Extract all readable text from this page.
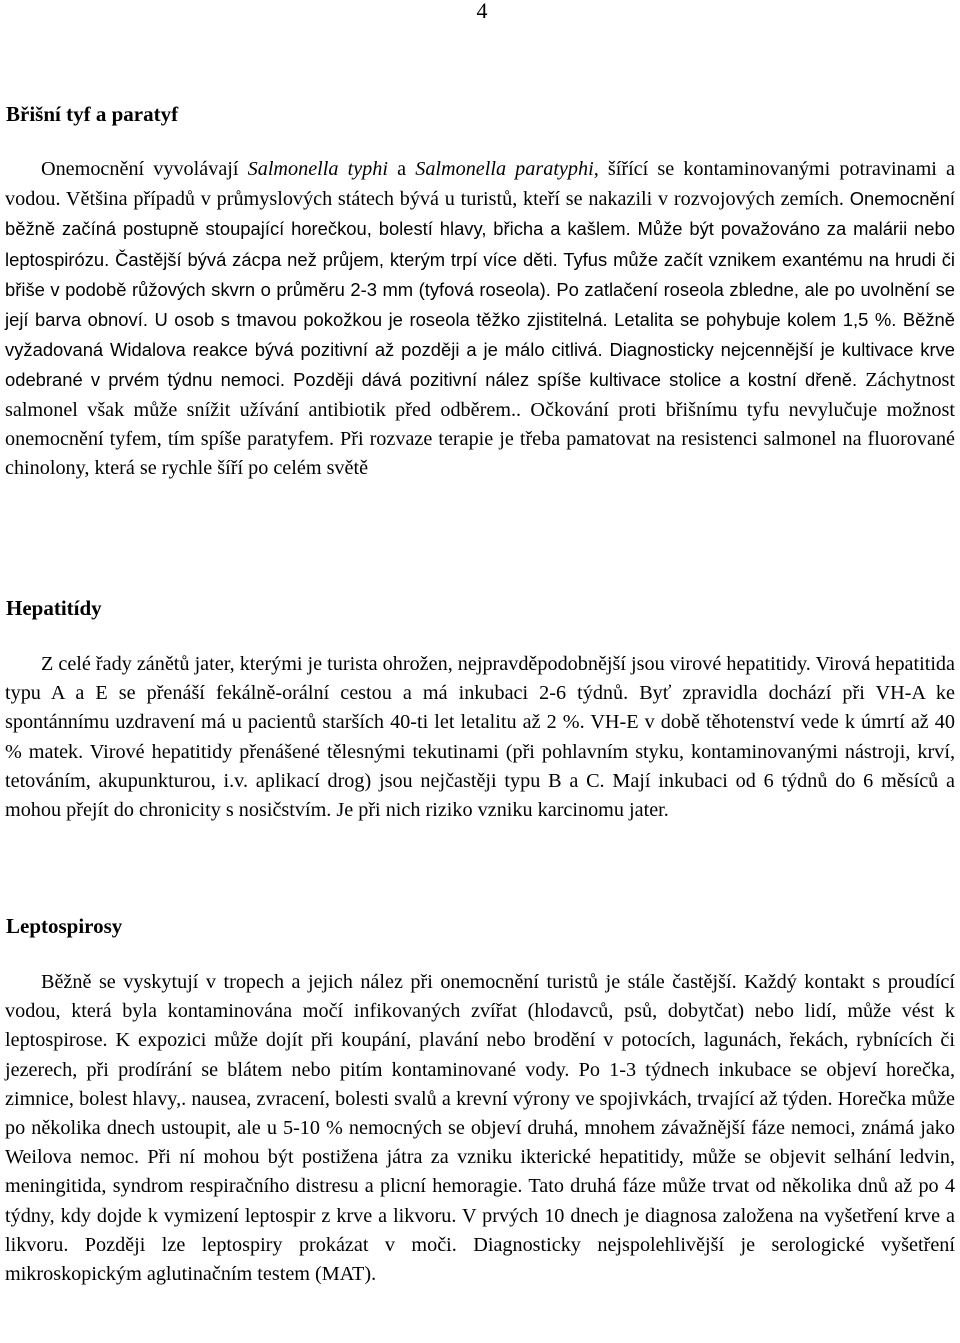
4
Břišní tyf a paratyf

Onemocnění vyvolávají Salmonella typhi a Salmonella paratyphi, šířící se kontaminovanými potravinami a vodou. Většina případů v průmyslových státech bývá u turistů, kteří se nakazili v rozvojových zemích. Onemocnění běžně začíná postupně stoupající horečkou, bolestí hlavy, břicha a kašlem. Může být považováno za malárii nebo leptospirózu. Častější bývá zácpa než průjem, kterým trpí více děti. Tyfus může začít vznikem exantému na hrudi či břiše v podobě růžových skvrn o průměru 2-3 mm (tyfová roseola). Po zatlačení roseola zbledne, ale po uvolnění se její barva obnoví. U osob s tmavou pokožkou je roseola těžko zjistitelná. Letalita se pohybuje kolem 1,5 %. Běžně vyžadovaná Widalova reakce bývá pozitivní až později a je málo citlivá. Diagnosticky nejcennější je kultivace krve odebrané v prvém týdnu nemoci. Později dává pozitivní nález spíše kultivace stolice a kostní dřeně. Záchytnost salmonel však může snížit užívání antibiotik před odběrem.. Očkování proti břišnímu tyfu nevylučuje možnost onemocnění tyfem, tím spíše paratyfem. Při rozvaze terapie je třeba pamatovat na resistenci salmonel na fluorované chinolony, která se rychle šíří po celém světě

Hepatitídy

Z celé řady zánětů jater, kterými je turista ohrožen, nejpravděpodobnější jsou virové hepatitidy. Virová hepatitida typu A a E se přenáší fekálně-orální cestou a má inkubaci 2-6 týdnů. Byť zpravidla dochází při VH-A ke spontánnímu uzdravení má u pacientů starších 40-ti let letalitu až 2 %. VH-E v době těhotenství vede k úmrtí až 40 % matek. Virové hepatitidy přenášené tělesnými tekutinami (při pohlavním styku, kontaminovanými nástroji, krví, tetováním, akupunkturou, i.v. aplikací drog) jsou nejčastěji typu B a C. Mají inkubaci od 6 týdnů do 6 měsíců a mohou přejít do chronicity s nosičstvím. Je při nich riziko vzniku karcinomu jater.

Leptospirosy

Běžně se vyskytují v tropech a jejich nález při onemocnění turistů je stále častější. Každý kontakt s proudící vodou, která byla kontaminována močí infikovaných zvířat (hlodavců, psů, dobytčat) nebo lidí, může vést k leptospirose. K expozici může dojít při koupání, plavání nebo brodění v potocích, lagunách, řekách, rybnících či jezerech, při prodírání se blátem nebo pitím kontaminované vody. Po 1-3 týdnech inkubace se objeví horečka, zimnice, bolest hlavy,. nausea, zvracení, bolesti svalů a krevní výrony ve spojivkách, trvající až týden. Horečka může po několika dnech ustoupit, ale u 5-10 % nemocných se objeví druhá, mnohem závažnější fáze nemoci, známá jako Weilova nemoc. Při ní mohou být postižena játra za vzniku ikterické hepatitidy, může se objevit selhání ledvin, meningitida, syndrom respiračního distresu a plicní hemoragie. Tato druhá fáze může trvat od několika dnů až po 4 týdny, kdy dojde k vymizení leptospir z krve a likvoru. V prvých 10 dnech je diagnosa založena na vyšetření krve a likvoru. Později lze leptospiry prokázat v moči. Diagnosticky nejspolehlivější je serologické vyšetření mikroskopickým aglutinačním testem (MAT).
